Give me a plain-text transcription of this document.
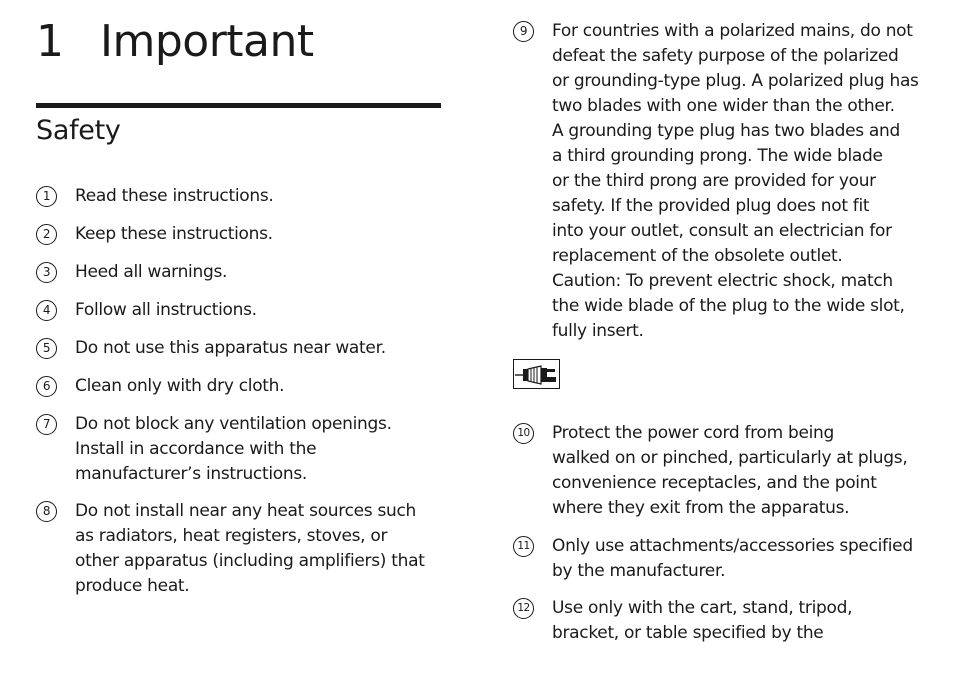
1 Important
Safety
1	Read these instructions.
2	Keep these instructions.
3	Heed all warnings.
4	Follow all instructions.
5	Do not use this apparatus near water.
6	Clean only with dry cloth.
7	Do not block any ventilation openings.
Install in accordance with the
manufacturer’s instructions.
8	Do not install near any heat sources such
as radiators, heat registers, stoves, or
other apparatus (including amplifiers) that
produce heat.
9	For countries with a polarized mains, do not
defeat the safety purpose of the polarized
or grounding-type plug. A polarized plug has
two blades with one wider than the other.
A grounding type plug has two blades and
a third grounding prong. The wide blade
or the third prong are provided for your
safety. If the provided plug does not fit
into your outlet, consult an electrician for
replacement of the obsolete outlet.
Caution: To prevent electric shock, match
the wide blade of the plug to the wide slot,
fully insert.
10 Protect the power cord from being
walked on or pinched, particularly at plugs,
convenience receptacles, and the point
where they exit from the apparatus.
11 Only use attachments/accessories specified
by the manufacturer.
12 Use only with the cart, stand, tripod,
bracket, or table specified by the
